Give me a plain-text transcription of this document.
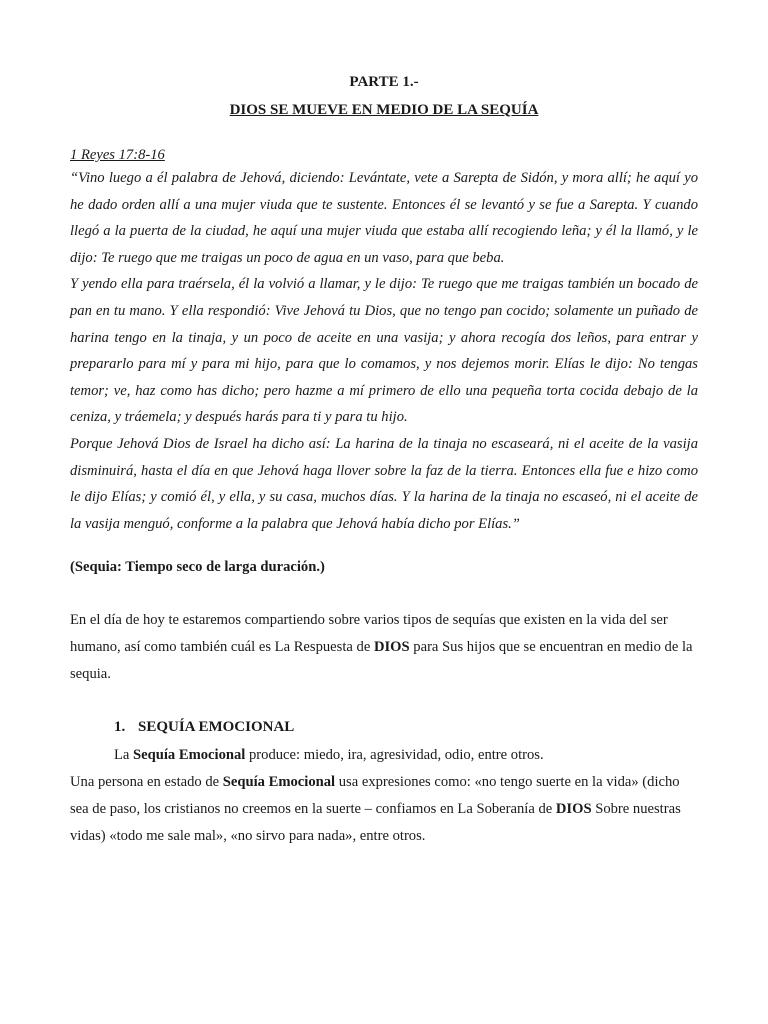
PARTE 1.-
DIOS SE MUEVE EN MEDIO DE LA SEQUÍA
1 Reyes 17:8-16

“Vino luego a él palabra de Jehová, diciendo: Levántate, vete a Sarepta de Sidón, y mora allí; he aquí yo he dado orden allí a una mujer viuda que te sustente. Entonces él se levantó y se fue a Sarepta. Y cuando llegó a la puerta de la ciudad, he aquí una mujer viuda que estaba allí recogiendo leña; y él la llamó, y le dijo: Te ruego que me traigas un poco de agua en un vaso, para que beba.

Y yendo ella para traérsela, él la volvió a llamar, y le dijo: Te ruego que me traigas también un bocado de pan en tu mano. Y ella respondió: Vive Jehová tu Dios, que no tengo pan cocido; solamente un puñado de harina tengo en la tinaja, y un poco de aceite en una vasija; y ahora recogía dos leños, para entrar y prepararlo para mí y para mi hijo, para que lo comamos, y nos dejemos morir. Elías le dijo: No tengas temor; ve, haz como has dicho; pero hazme a mí primero de ello una pequeña torta cocida debajo de la ceniza, y tráemela; y después harás para ti y para tu hijo.

Porque Jehová Dios de Israel ha dicho así: La harina de la tinaja no escaseará, ni el aceite de la vasija disminuirá, hasta el día en que Jehová haga llover sobre la faz de la tierra. Entonces ella fue e hizo como le dijo Elías; y comió él, y ella, y su casa, muchos días. Y la harina de la tinaja no escaseó, ni el aceite de la vasija menguó, conforme a la palabra que Jehová había dicho por Elías.”

(Sequia: Tiempo seco de larga duración.)

En el día de hoy te estaremos compartiendo sobre varios tipos de sequías que existen en la vida del ser humano, así como también cuál es La Respuesta de DIOS para Sus hijos que se encuentran en medio de la sequia.

1. SEQUÍA EMOCIONAL

La Sequía Emocional produce: miedo, ira, agresividad, odio, entre otros.

Una persona en estado de Sequía Emocional usa expresiones como: «no tengo suerte en la vida» (dicho sea de paso, los cristianos no creemos en la suerte – confiamos en La Soberanía de DIOS Sobre nuestras vidas) «todo me sale mal», «no sirvo para nada», entre otros.
